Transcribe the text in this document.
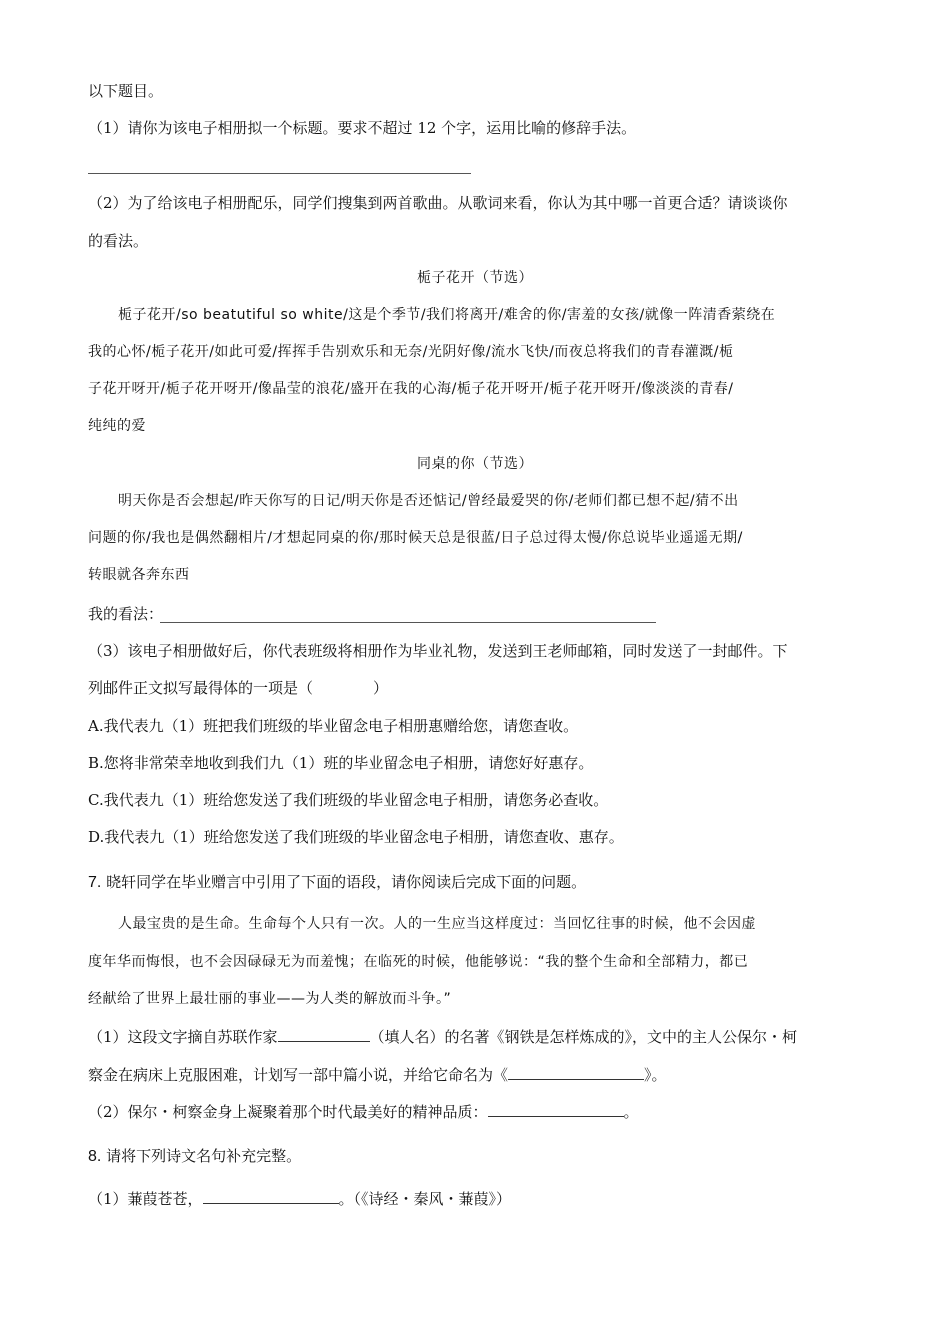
以下题目。
（1）请你为该电子相册拟一个标题。要求不超过 12 个字，运用比喻的修辞手法。
（2）为了给该电子相册配乐，同学们搜集到两首歌曲。从歌词来看，你认为其中哪一首更合适？请谈谈你
的看法。
栀子花开（节选）
栀子花开/so beatutiful so white/这是个季节/我们将离开/难舍的你/害羞的女孩/就像一阵清香萦绕在
我的心怀/栀子花开/如此可爱/挥挥手告别欢乐和无奈/光阴好像/流水飞快/而夜总将我们的青春灌溉/栀
子花开呀开/栀子花开呀开/像晶莹的浪花/盛开在我的心海/栀子花开呀开/栀子花开呀开/像淡淡的青春/
纯纯的爱
同桌的你（节选）
明天你是否会想起/昨天你写的日记/明天你是否还惦记/曾经最爱哭的你/老师们都已想不起/猜不出
问题的你/我也是偶然翻相片/才想起同桌的你/那时候天总是很蓝/日子总过得太慢/你总说毕业遥遥无期/
转眼就各奔东西
我的看法：
（3）该电子相册做好后，你代表班级将相册作为毕业礼物，发送到王老师邮箱，同时发送了一封邮件。下
列邮件正文拟写最得体的一项是（　　　　）
A.我代表九（1）班把我们班级的毕业留念电子相册惠赠给您，请您查收。
B.您将非常荣幸地收到我们九（1）班的毕业留念电子相册，请您好好惠存。
C.我代表九（1）班给您发送了我们班级的毕业留念电子相册，请您务必查收。
D.我代表九（1）班给您发送了我们班级的毕业留念电子相册，请您查收、惠存。
7. 晓轩同学在毕业赠言中引用了下面的语段，请你阅读后完成下面的问题。
人最宝贵的是生命。生命每个人只有一次。人的一生应当这样度过：当回忆往事的时候，他不会因虚
度年华而悔恨，也不会因碌碌无为而羞愧；在临死的时候，他能够说：“我的整个生命和全部精力，都已
经献给了世界上最壮丽的事业——为人类的解放而斗争。”
（1）这段文字摘自苏联作家	（填人名）的名著《钢铁是怎样炼成的》，文中的主人公保尔・柯
察金在病床上克服困难，计划写一部中篇小说，并给它命名为《	》。
（2）保尔・柯察金身上凝聚着那个时代最美好的精神品质：	。
8. 请将下列诗文名句补充完整。
（1）蒹葭苍苍，	。（《诗经・秦风・蒹葭》）
